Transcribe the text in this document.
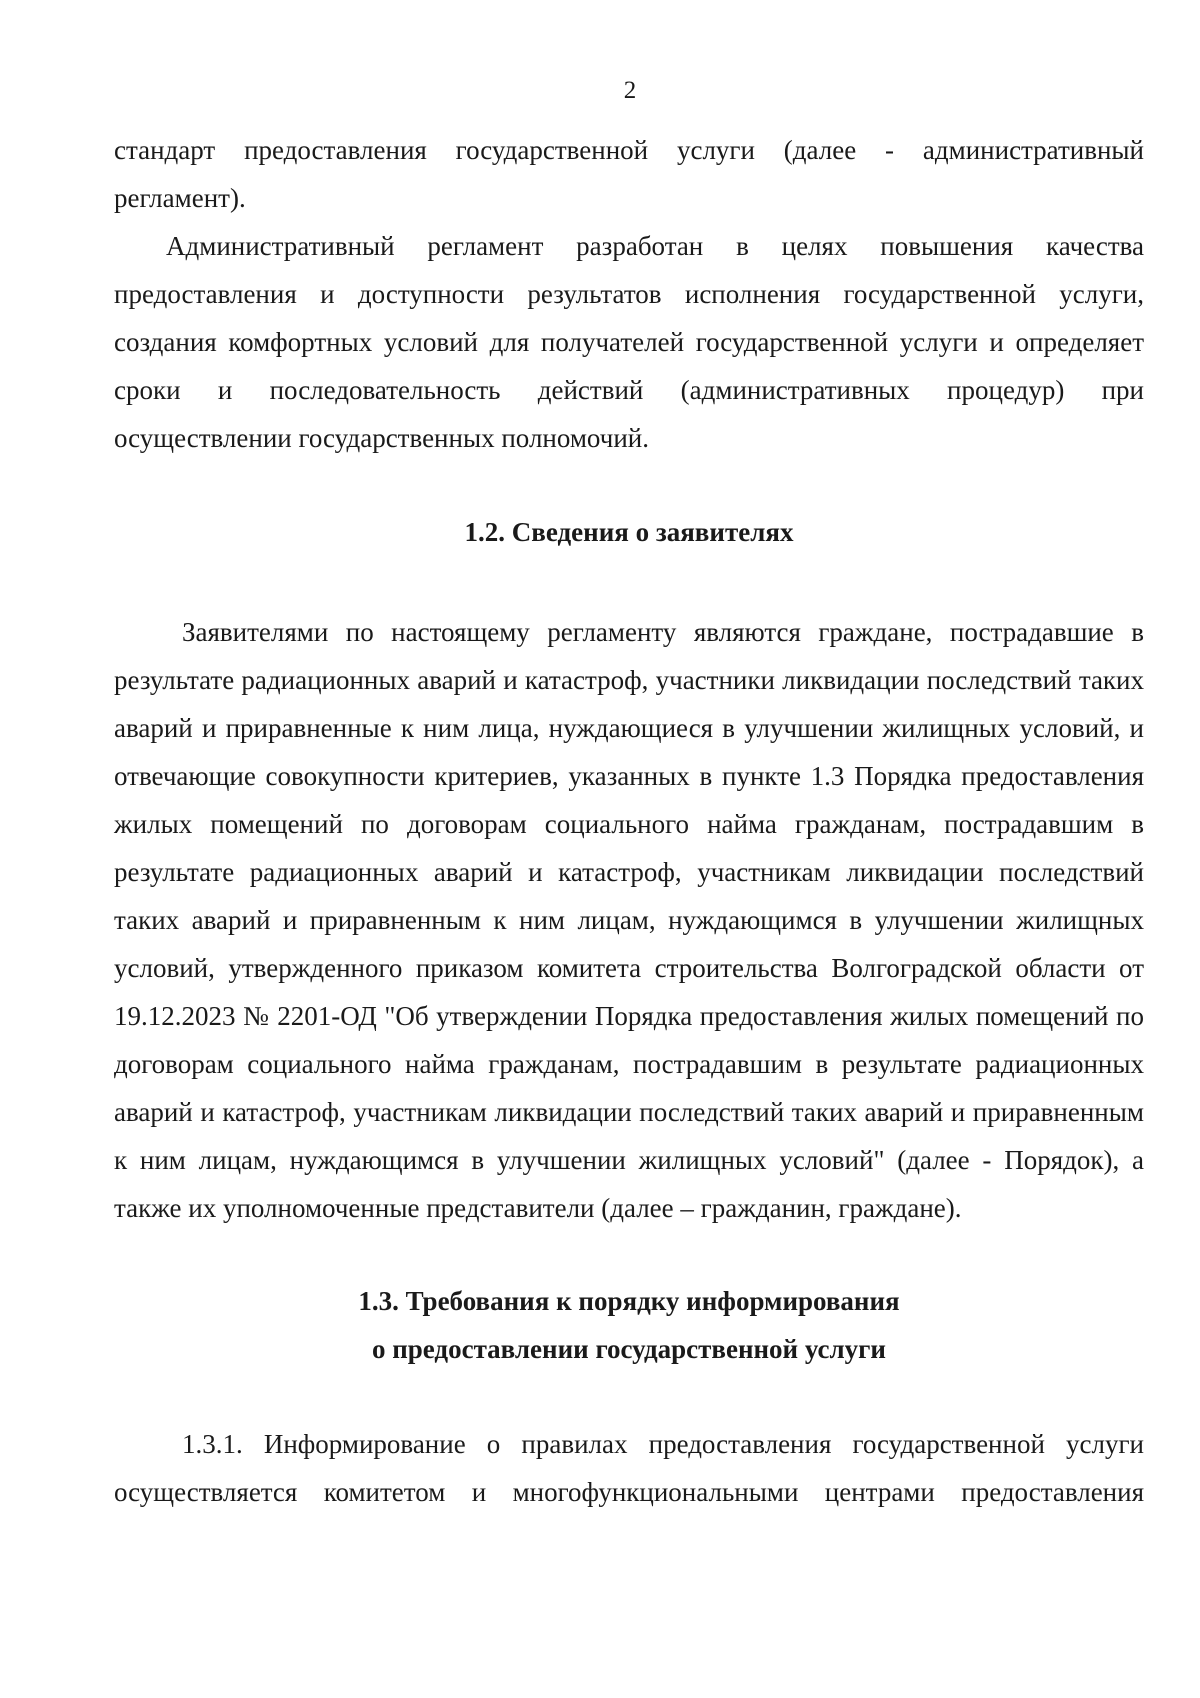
2

стандарт предоставления государственной услуги (далее - административный регламент).

Административный регламент разработан в целях повышения качества предоставления и доступности результатов исполнения государственной услуги, создания комфортных условий для получателей государственной услуги и определяет сроки и последовательность действий (административных процедур) при осуществлении государственных полномочий.

1.2. Сведения о заявителях

Заявителями по настоящему регламенту являются граждане, пострадавшие в результате радиационных аварий и катастроф, участники ликвидации последствий таких аварий и приравненные к ним лица, нуждающиеся в улучшении жилищных условий, и отвечающие совокупности критериев, указанных в пункте 1.3 Порядка предоставления жилых помещений по договорам социального найма гражданам, пострадавшим в результате радиационных аварий и катастроф, участникам ликвидации последствий таких аварий и приравненным к ним лицам, нуждающимся в улучшении жилищных условий, утвержденного приказом комитета строительства Волгоградской области от 19.12.2023 № 2201-ОД "Об утверждении Порядка предоставления жилых помещений по договорам социального найма гражданам, пострадавшим в результате радиационных аварий и катастроф, участникам ликвидации последствий таких аварий и приравненным к ним лицам, нуждающимся в улучшении жилищных условий" (далее - Порядок), а также их уполномоченные представители (далее – гражданин, граждане).

1.3. Требования к порядку информирования
о предоставлении государственной услуги

1.3.1. Информирование о правилах предоставления государственной услуги осуществляется комитетом и многофункциональными центрами предоставления
